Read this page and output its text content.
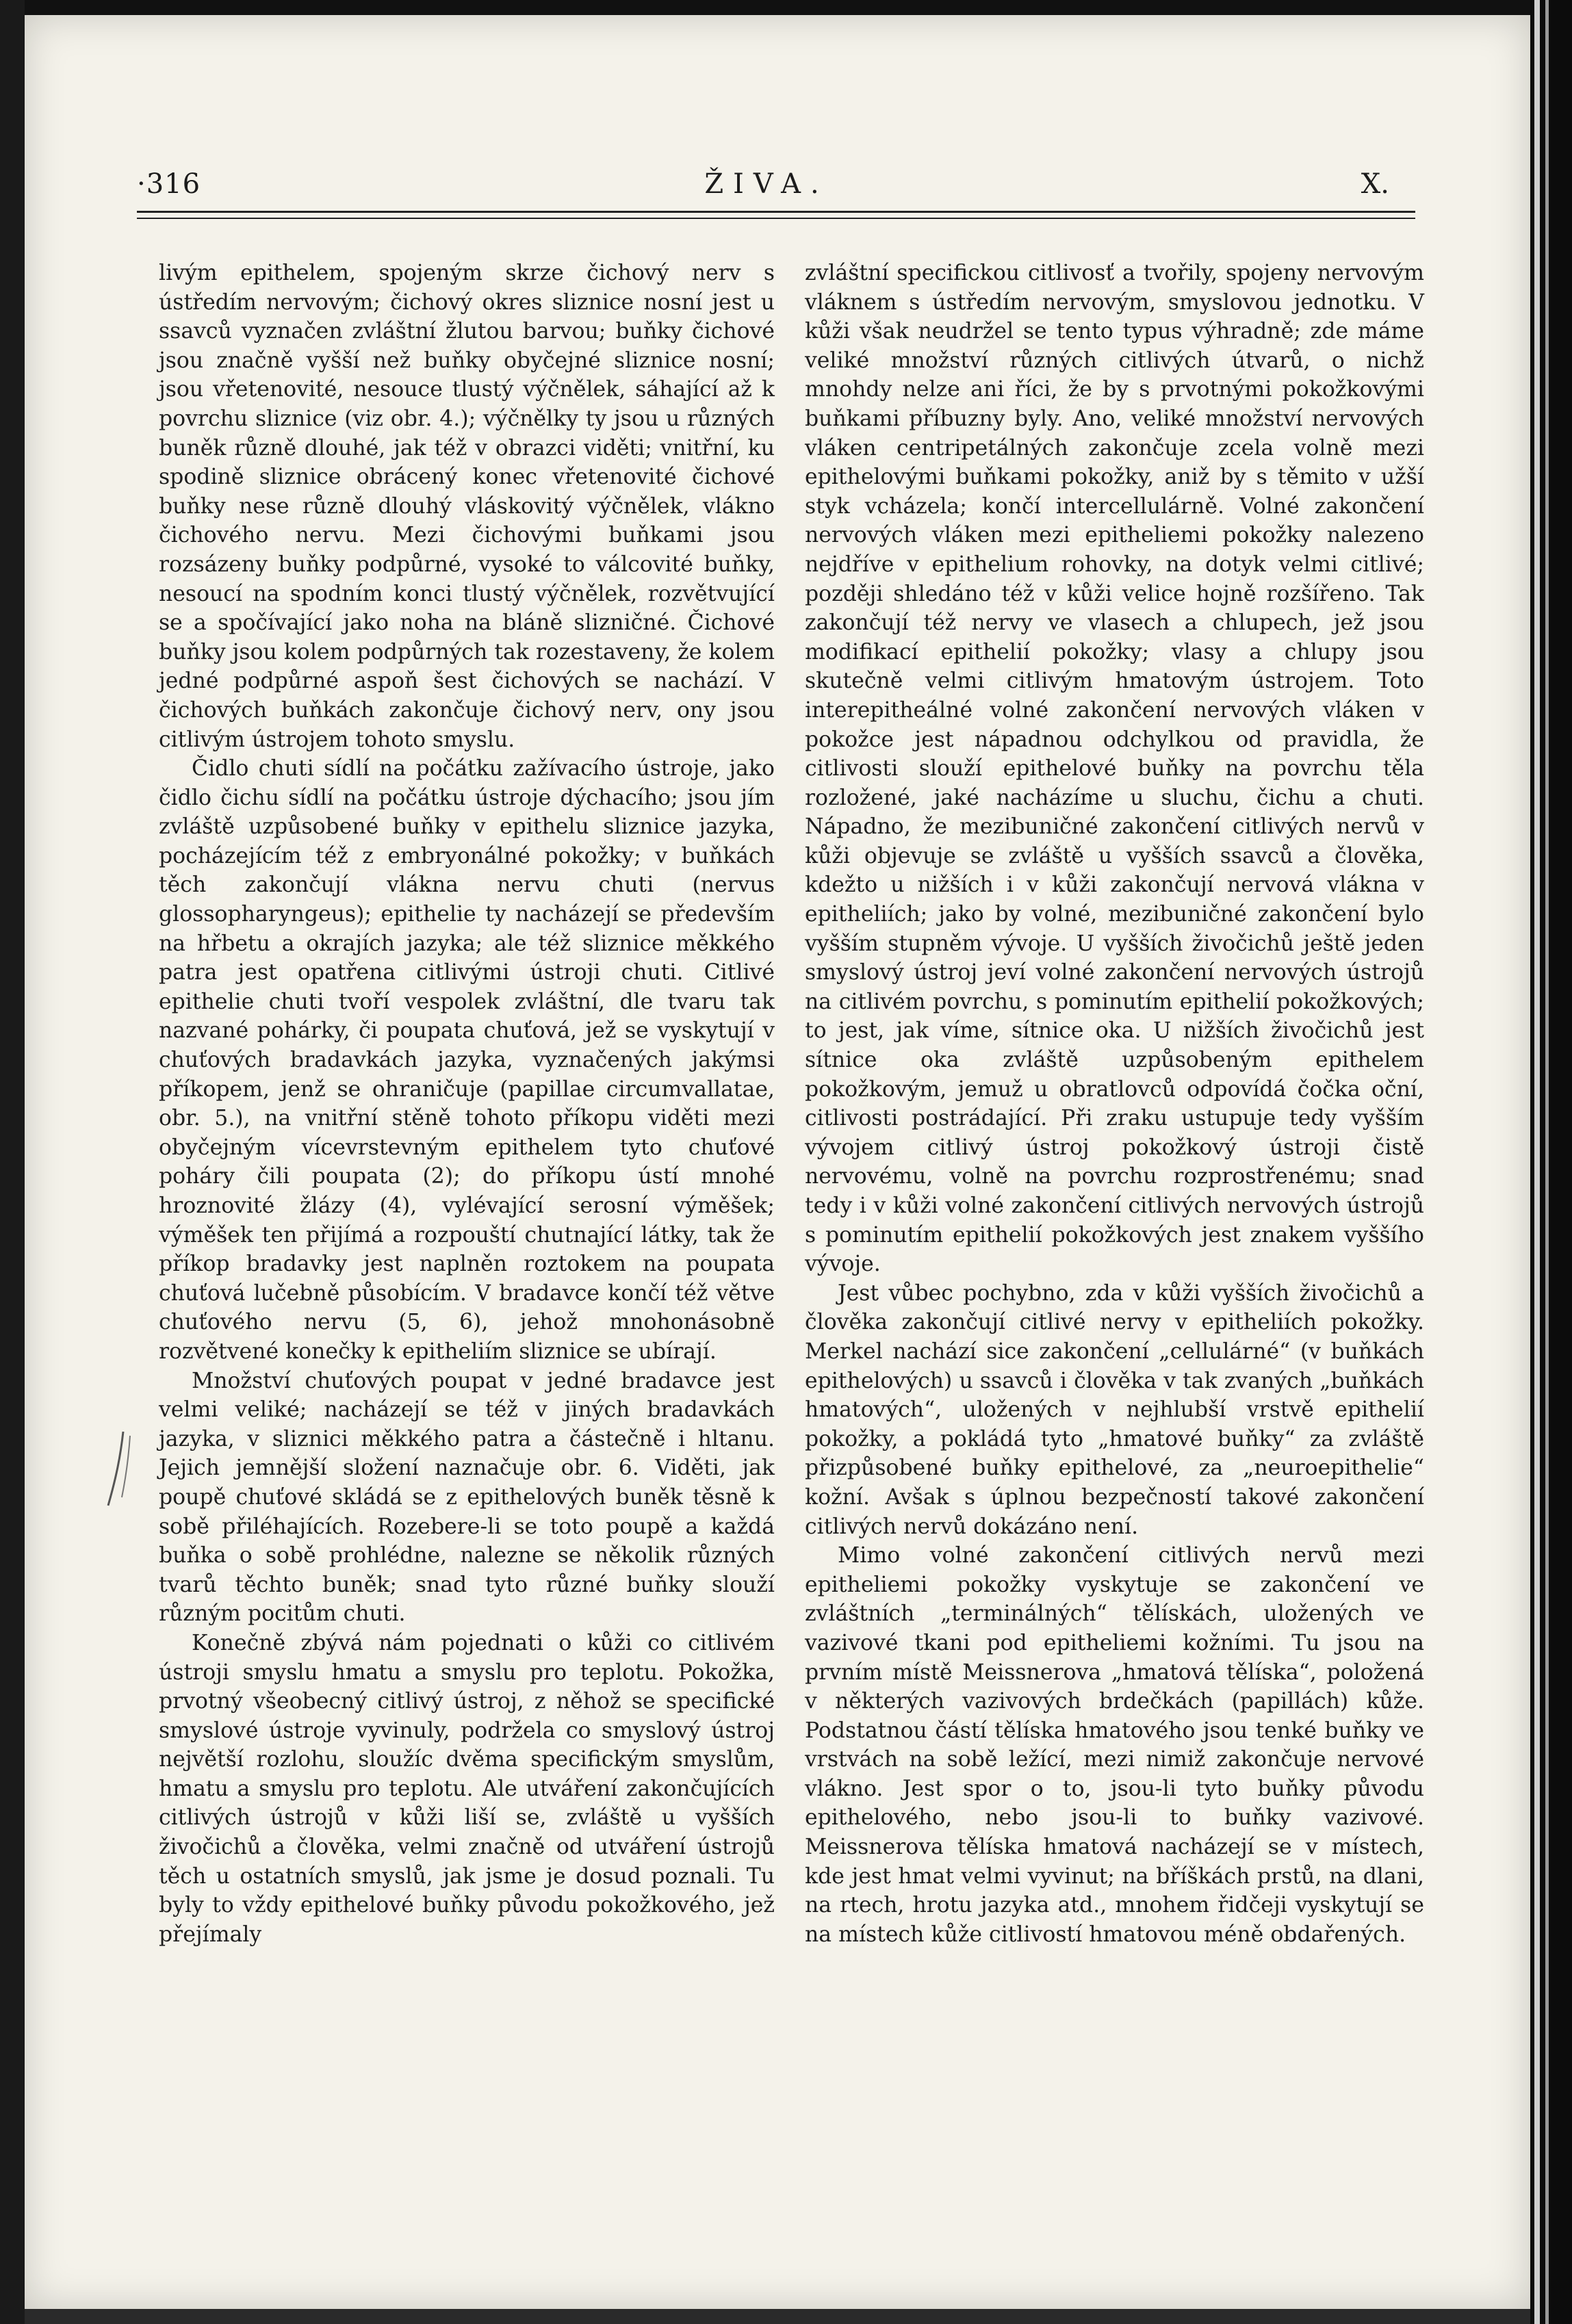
·316	ŽIVA.	X.

livým epithelem, spojeným skrze čichový nerv s ústředím nervovým; čichový okres sliznice nosní jest u ssavců vyznačen zvláštní žlutou barvou; buňky čichové jsou značně vyšší než buňky obyčejné sliznice nosní; jsou vřetenovité, nesouce tlustý výčnělek, sáhající až k povrchu sliznice (viz obr. 4.); výčnělky ty jsou u různých buněk různě dlouhé, jak též v obrazci viděti; vnitřní, ku spodině sliznice obrácený konec vřetenovité čichové buňky nese různě dlouhý vláskovitý výčnělek, vlákno čichového nervu. Mezi čichovými buňkami jsou rozsázeny buňky podpůrné, vysoké to válcovité buňky, nesoucí na spodním konci tlustý výčnělek, rozvětvující se a spočívající jako noha na bláně slizničné. Čichové buňky jsou kolem podpůrných tak rozestaveny, že kolem jedné podpůrné aspoň šest čichových se nachází. V čichových buňkách zakončuje čichový nerv, ony jsou citlivým ústrojem tohoto smyslu.

Čidlo chuti sídlí na počátku zažívacího ústroje, jako čidlo čichu sídlí na počátku ústroje dýchacího; jsou jím zvláště uzpůsobené buňky v epithelu sliznice jazyka, pocházejícím též z embryonálné pokožky; v buňkách těch zakončují vlákna nervu chuti (nervus glossopharyngeus); epithelie ty nacházejí se především na hřbetu a okrajích jazyka; ale též sliznice měkkého patra jest opatřena citlivými ústroji chuti. Citlivé epithelie chuti tvoří vespolek zvláštní, dle tvaru tak nazvané pohárky, či poupata chuťová, jež se vyskytují v chuťových bradavkách jazyka, vyznačených jakýmsi příkopem, jenž se ohraničuje (papillae circumvallatae, obr. 5.), na vnitřní stěně tohoto příkopu viděti mezi obyčejným vícevrstevným epithelem tyto chuťové poháry čili poupata (2); do příkopu ústí mnohé hroznovité žlázy (4), vylévající serosní výměšek; výměšek ten přijímá a rozpouští chutnající látky, tak že příkop bradavky jest naplněn roztokem na poupata chuťová lučebně působícím. V bradavce končí též větve chuťového nervu (5, 6), jehož mnohonásobně rozvětvené konečky k epitheliím sliznice se ubírají.

Množství chuťových poupat v jedné bradavce jest velmi veliké; nacházejí se též v jiných bradavkách jazyka, v sliznici měkkého patra a částečně i hltanu. Jejich jemnější složení naznačuje obr. 6. Viděti, jak poupě chuťové skládá se z epithelových buněk těsně k sobě přiléhajících. Rozebere-li se toto poupě a každá buňka o sobě prohlédne, nalezne se několik různých tvarů těchto buněk; snad tyto různé buňky slouží různým pocitům chuti.

Konečně zbývá nám pojednati o kůži co citlivém ústroji smyslu hmatu a smyslu pro teplotu. Pokožka, prvotný všeobecný citlivý ústroj, z něhož se specifické smyslové ústroje vyvinuly, podržela co smyslový ústroj největší rozlohu, sloužíc dvěma specifickým smyslům, hmatu a smyslu pro teplotu. Ale utváření zakončujících citlivých ústrojů v kůži liší se, zvláště u vyšších živočichů a člověka, velmi značně od utváření ústrojů těch u ostatních smyslů, jak jsme je dosud poznali. Tu byly to vždy epithelové buňky původu pokožkového, jež přejímaly

zvláštní specifickou citlivosť a tvořily, spojeny nervovým vláknem s ústředím nervovým, smyslovou jednotku. V kůži však neudržel se tento typus výhradně; zde máme veliké množství různých citlivých útvarů, o nichž mnohdy nelze ani říci, že by s prvotnými pokožkovými buňkami příbuzny byly. Ano, veliké množství nervových vláken centripetálných zakončuje zcela volně mezi epithelovými buňkami pokožky, aniž by s těmito v užší styk vcházela; končí intercellulárně. Volné zakončení nervových vláken mezi epitheliemi pokožky nalezeno nejdříve v epithelium rohovky, na dotyk velmi citlivé; později shledáno též v kůži velice hojně rozšířeno. Tak zakončují též nervy ve vlasech a chlupech, jež jsou modifikací epithelií pokožky; vlasy a chlupy jsou skutečně velmi citlivým hmatovým ústrojem. Toto interepitheálné volné zakončení nervových vláken v pokožce jest nápadnou odchylkou od pravidla, že citlivosti slouží epithelové buňky na povrchu těla rozložené, jaké nacházíme u sluchu, čichu a chuti. Nápadno, že mezibuničné zakončení citlivých nervů v kůži objevuje se zvláště u vyšších ssavců a člověka, kdežto u nižších i v kůži zakončují nervová vlákna v epitheliích; jako by volné, mezibuničné zakončení bylo vyšším stupněm vývoje. U vyšších živočichů ještě jeden smyslový ústroj jeví volné zakončení nervových ústrojů na citlivém povrchu, s pominutím epithelií pokožkových; to jest, jak víme, sítnice oka. U nižších živočichů jest sítnice oka zvláště uzpůsobeným epithelem pokožkovým, jemuž u obratlovců odpovídá čočka oční, citlivosti postrádající. Při zraku ustupuje tedy vyšším vývojem citlivý ústroj pokožkový ústroji čistě nervovému, volně na povrchu rozprostřenému; snad tedy i v kůži volné zakončení citlivých nervových ústrojů s pominutím epithelií pokožkových jest znakem vyššího vývoje.

Jest vůbec pochybno, zda v kůži vyšších živočichů a člověka zakončují citlivé nervy v epitheliích pokožky. Merkel nachází sice zakončení „cellulárné“ (v buňkách epithelových) u ssavců i člověka v tak zvaných „buňkách hmatových“, uložených v nejhlubší vrstvě epithelií pokožky, a pokládá tyto „hmatové buňky“ za zvláště přizpůsobené buňky epithelové, za „neuroepithelie“ kožní. Avšak s úplnou bezpečností takové zakončení citlivých nervů dokázáno není.

Mimo volné zakončení citlivých nervů mezi epitheliemi pokožky vyskytuje se zakončení ve zvláštních „terminálných“ tělískách, uložených ve vazivové tkani pod epitheliemi kožními. Tu jsou na prvním místě Meissnerova „hmatová tělíska“, položená v některých vazivových brdečkách (papillách) kůže. Podstatnou částí tělíska hmatového jsou tenké buňky ve vrstvách na sobě ležící, mezi nimiž zakončuje nervové vlákno. Jest spor o to, jsou-li tyto buňky původu epithelového, nebo jsou-li to buňky vazivové. Meissnerova tělíska hmatová nacházejí se v místech, kde jest hmat velmi vyvinut; na bříškách prstů, na dlani, na rtech, hrotu jazyka atd., mnohem řidčeji vyskytují se na místech kůže citlivostí hmatovou méně obdařených.
